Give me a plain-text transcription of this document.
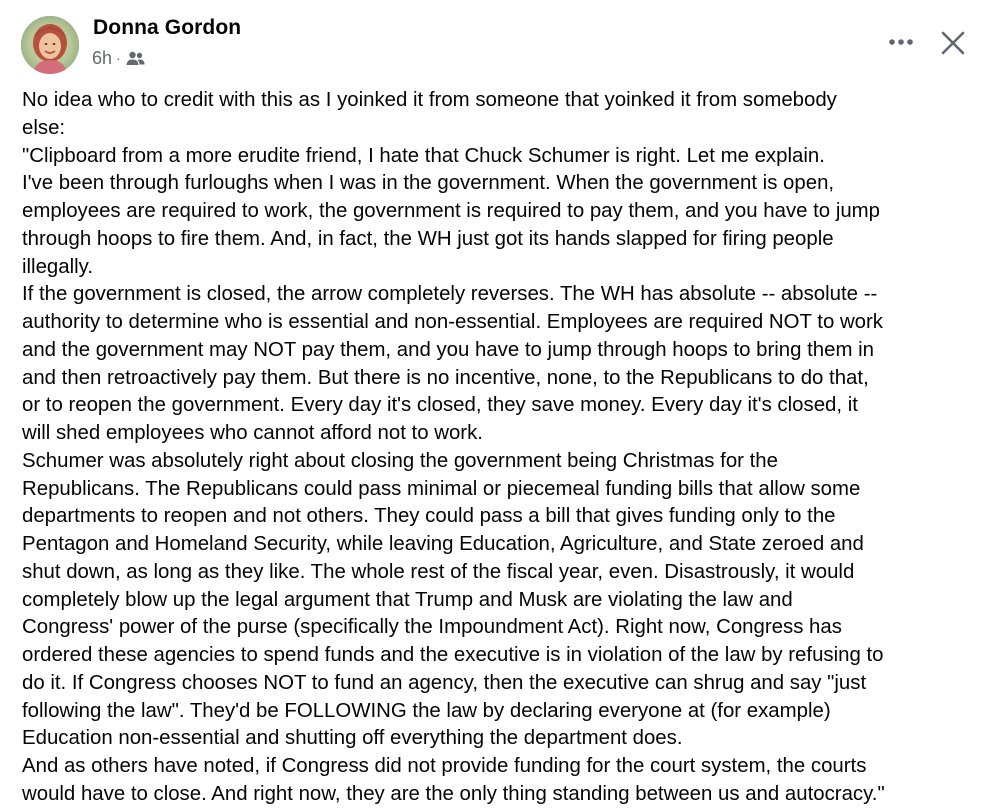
Donna Gordon
6h ·
No idea who to credit with this as I yoinked it from someone that yoinked it from somebody
else:
"Clipboard from a more erudite friend, I hate that Chuck Schumer is right. Let me explain.
I've been through furloughs when I was in the government. When the government is open,
employees are required to work, the government is required to pay them, and you have to jump
through hoops to fire them. And, in fact, the WH just got its hands slapped for firing people
illegally.
If the government is closed, the arrow completely reverses. The WH has absolute -- absolute --
authority to determine who is essential and non-essential. Employees are required NOT to work
and the government may NOT pay them, and you have to jump through hoops to bring them in
and then retroactively pay them. But there is no incentive, none, to the Republicans to do that,
or to reopen the government. Every day it's closed, they save money. Every day it's closed, it
will shed employees who cannot afford not to work.
Schumer was absolutely right about closing the government being Christmas for the
Republicans. The Republicans could pass minimal or piecemeal funding bills that allow some
departments to reopen and not others. They could pass a bill that gives funding only to the
Pentagon and Homeland Security, while leaving Education, Agriculture, and State zeroed and
shut down, as long as they like. The whole rest of the fiscal year, even. Disastrously, it would
completely blow up the legal argument that Trump and Musk are violating the law and
Congress' power of the purse (specifically the Impoundment Act). Right now, Congress has
ordered these agencies to spend funds and the executive is in violation of the law by refusing to
do it. If Congress chooses NOT to fund an agency, then the executive can shrug and say "just
following the law". They'd be FOLLOWING the law by declaring everyone at (for example)
Education non-essential and shutting off everything the department does.
And as others have noted, if Congress did not provide funding for the court system, the courts
would have to close. And right now, they are the only thing standing between us and autocracy."
